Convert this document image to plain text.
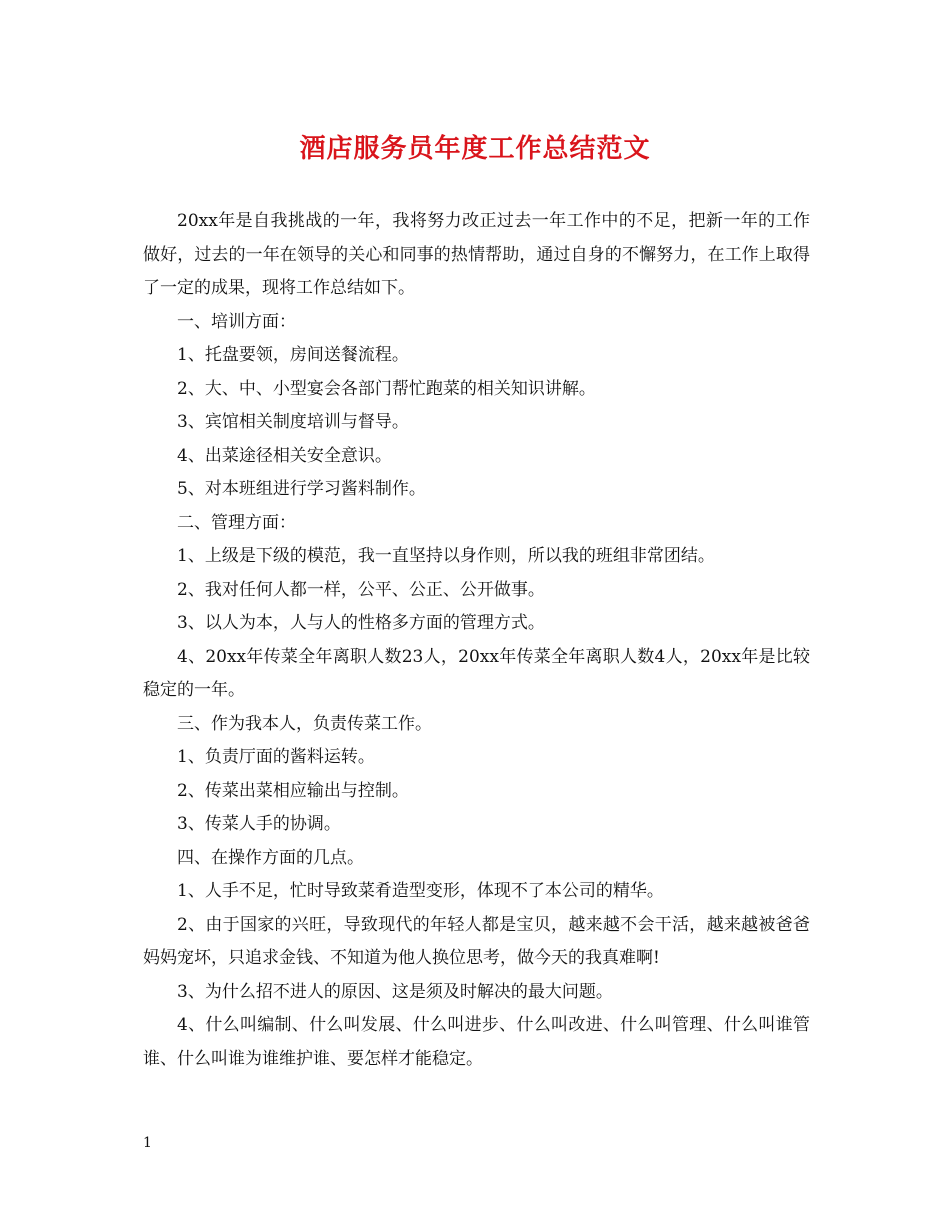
酒店服务员年度工作总结范文

20xx年是自我挑战的一年，我将努力改正过去一年工作中的不足，把新一年的工作做好，过去的一年在领导的关心和同事的热情帮助，通过自身的不懈努力，在工作上取得了一定的成果，现将工作总结如下。

一、培训方面：

1、托盘要领，房间送餐流程。

2、大、中、小型宴会各部门帮忙跑菜的相关知识讲解。

3、宾馆相关制度培训与督导。

4、出菜途径相关安全意识。

5、对本班组进行学习酱料制作。

二、管理方面：

1、上级是下级的模范，我一直坚持以身作则，所以我的班组非常团结。

2、我对任何人都一样，公平、公正、公开做事。

3、以人为本，人与人的性格多方面的管理方式。

4、20xx年传菜全年离职人数23人，20xx年传菜全年离职人数4人，20xx年是比较稳定的一年。

三、作为我本人，负责传菜工作。

1、负责厅面的酱料运转。

2、传菜出菜相应输出与控制。

3、传菜人手的协调。

四、在操作方面的几点。

1、人手不足，忙时导致菜肴造型变形，体现不了本公司的精华。

2、由于国家的兴旺，导致现代的年轻人都是宝贝，越来越不会干活，越来越被爸爸妈妈宠坏，只追求金钱、不知道为他人换位思考，做今天的我真难啊!

3、为什么招不进人的原因、这是须及时解决的最大问题。

4、什么叫编制、什么叫发展、什么叫进步、什么叫改进、什么叫管理、什么叫谁管谁、什么叫谁为谁维护谁、要怎样才能稳定。

1
